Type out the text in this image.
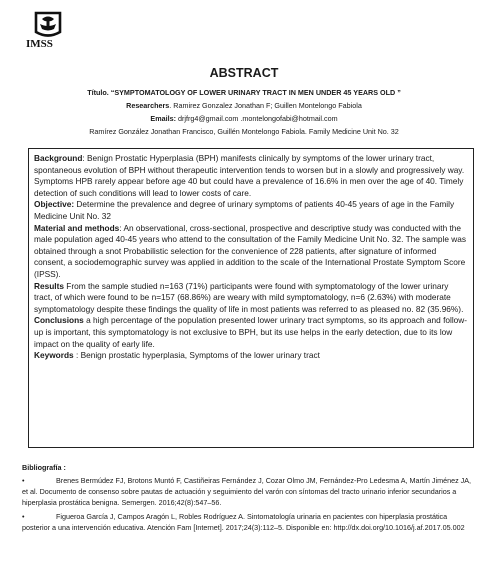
IMSS
ABSTRACT
Título. “SYMPTOMATOLOGY OF LOWER URINARY TRACT IN MEN UNDER 45 YEARS OLD ”
Researchers. Ramirez Gonzalez Jonathan F; Guillen Montelongo Fabiola
Emails: drjfrg4@gmail.com .montelongofabi@hotmail.com
Ramírez González Jonathan Francisco, Guillén Montelongo Fabiola. Family Medicine Unit No. 32

Background: Benign Prostatic Hyperplasia (BPH) manifests clinically by symptoms of the lower urinary tract, spontaneous evolution of BPH without therapeutic intervention tends to worsen but in a slowly and progressively way. Symptoms HPB rarely appear before age 40 but could have a prevalence of 16.6% in men over the age of 40. Timely detection of such conditions will lead to lower costs of care.

Objective: Determine the prevalence and degree of urinary symptoms of patients 40-45 years of age in the Family Medicine Unit No. 32

Material and methods: An observational, cross-sectional, prospective and descriptive study was conducted with the male population aged 40-45 years who attend to the consultation of the Family Medicine Unit No. 32. The sample was obtained through a snot Probabilistic selection for the convenience of 228 patients, after signature of informed consent, a sociodemographic survey was applied in addition to the scale of the International Prostate Symptom Score (IPSS).

Results From the sample studied n=163 (71%) participants were found with symptomatology of the lower urinary tract, of which were found to be n=157 (68.86%) are weary with mild symptomatology, n=6 (2.63%) with moderate symptomatology despite these findings the quality of life in most patients was referred to as pleased no. 82 (35.96%).

Conclusions a high percentage of the population presented lower urinary tract symptoms, so its approach and follow-up is important, this symptomatology is not exclusive to BPH, but its use helps in the early detection, due to its low impact on the quality of early life.

Keywords : Benign prostatic hyperplasia, Symptoms of the lower urinary tract

Bibliografía :

•	Brenes Bermúdez FJ, Brotons Muntó F, Castiñeiras Fernández J, Cozar Olmo JM, Fernández-Pro Ledesma A, Martín Jiménez JA, et al. Documento de consenso sobre pautas de actuación y seguimiento del varón con síntomas del tracto urinario inferior secundarios a hiperplasia prostática benigna. Semergen. 2016;42(8):547–56.

•	Figueroa García J, Campos Aragón L, Robles Rodríguez A. Sintomatología urinaria en pacientes con hiperplasia prostática posterior a una intervención educativa. Atención Fam [Internet]. 2017;24(3):112–5. Disponible en: http://dx.doi.org/10.1016/j.af.2017.05.002
